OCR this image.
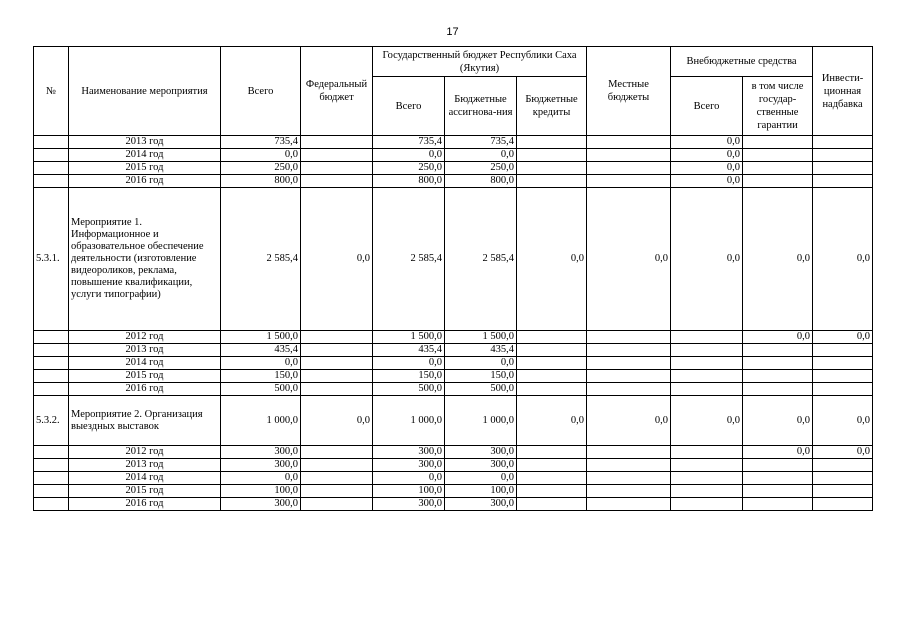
17
№	Наименование мероприятия	Всего	Федеральный бюджет	Государственный бюджет Республики Саха (Якутия)			Местные бюджеты	Внебюджетные средства		Инвести-ционная надбавка
				Всего	Бюджетные ассигнова-ния	Бюджетные кредиты		Всего	в том числе государ-ственные гарантии	
	2013 год	735,4		735,4	735,4			0,0		
	2014 год	0,0		0,0	0,0			0,0		
	2015 год	250,0		250,0	250,0			0,0		
	2016 год	800,0		800,0	800,0			0,0		
5.3.1.	Мероприятие 1. Информационное и образовательное обеспечение деятельности (изготовление видеороликов, реклама, повышение квалификации, услуги типографии)	2 585,4	0,0	2 585,4	2 585,4	0,0	0,0	0,0	0,0	0,0
	2012 год	1 500,0		1 500,0	1 500,0				0,0	0,0
	2013 год	435,4		435,4	435,4					
	2014 год	0,0		0,0	0,0					
	2015 год	150,0		150,0	150,0					
	2016 год	500,0		500,0	500,0					
5.3.2.	Мероприятие 2. Организация выездных выставок	1 000,0	0,0	1 000,0	1 000,0	0,0	0,0	0,0	0,0	0,0
	2012 год	300,0		300,0	300,0				0,0	0,0
	2013 год	300,0		300,0	300,0					
	2014 год	0,0		0,0	0,0					
	2015 год	100,0		100,0	100,0					
	2016 год	300,0		300,0	300,0					
